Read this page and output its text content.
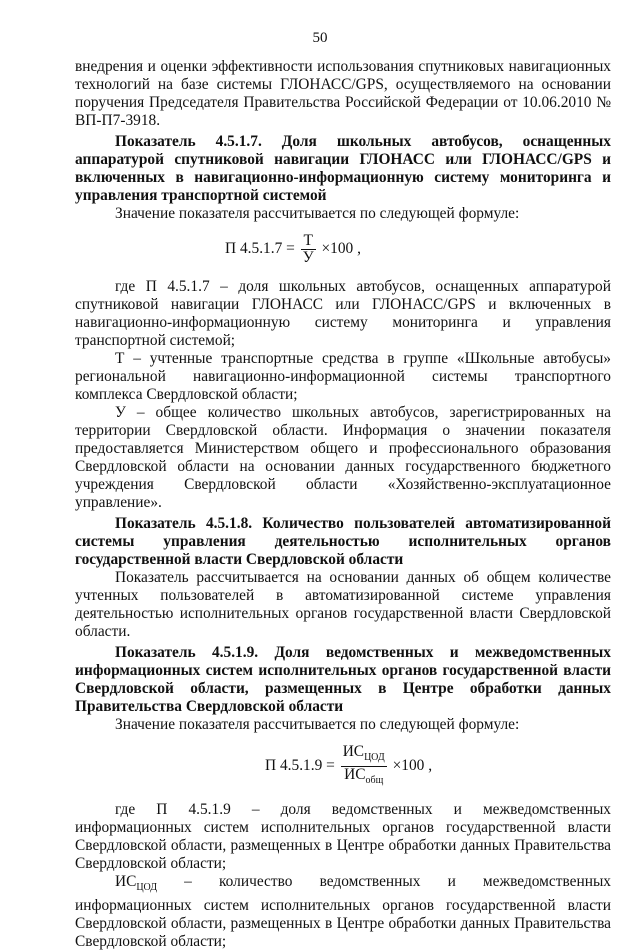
50

внедрения и оценки эффективности использования спутниковых навигационных технологий на базе системы ГЛОНАСС/GPS, осуществляемого на основании поручения Председателя Правительства Российской Федерации от 10.06.2010 № ВП-П7-3918.

Показатель 4.5.1.7. Доля школьных автобусов, оснащенных аппаратурой спутниковой навигации ГЛОНАСС или ГЛОНАСС/GPS и включенных в навигационно-информационную систему мониторинга и управления транспортной системой

Значение показателя рассчитывается по следующей формуле:

П $4.5.1.7 = \frac{Т}{У} \times 100$ ,

где П 4.5.1.7 – доля школьных автобусов, оснащенных аппаратурой спутниковой навигации ГЛОНАСС или ГЛОНАСС/GPS и включенных в навигационно-информационную систему мониторинга и управления транспортной системой;

Т – учтенные транспортные средства в группе «Школьные автобусы» региональной навигационно-информационной системы транспортного комплекса Свердловской области;

У – общее количество школьных автобусов, зарегистрированных на территории Свердловской области. Информация о значении показателя предоставляется Министерством общего и профессионального образования Свердловской области на основании данных государственного бюджетного учреждения Свердловской области «Хозяйственно-эксплуатационное управление».

Показатель 4.5.1.8. Количество пользователей автоматизированной системы управления деятельностью исполнительных органов государственной власти Свердловской области

Показатель рассчитывается на основании данных об общем количестве учтенных пользователей в автоматизированной системе управления деятельностью исполнительных органов государственной власти Свердловской области.

Показатель 4.5.1.9. Доля ведомственных и межведомственных информационных систем исполнительных органов государственной власти Свердловской области, размещенных в Центре обработки данных Правительства Свердловской области

Значение показателя рассчитывается по следующей формуле:

П $4.5.1.9 = \frac{ИС_{ЦОД}}{ИС_{общ}} \times 100$ ,

где П 4.5.1.9 – доля ведомственных и межведомственных информационных систем исполнительных органов государственной власти Свердловской области, размещенных в Центре обработки данных Правительства Свердловской области;

$ИС_{ЦОД}$ – количество ведомственных и межведомственных информационных систем исполнительных органов государственной власти Свердловской области, размещенных в Центре обработки данных Правительства Свердловской области;
